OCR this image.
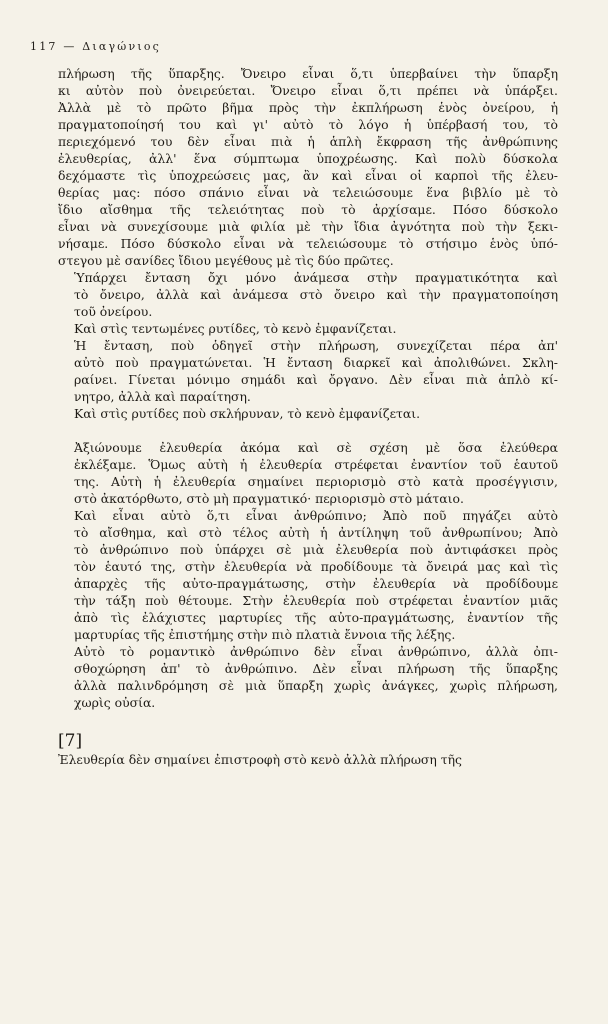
117 — Διαγώνιος

πλήρωση τῆς ὕπαρξης. Ὄνειρο εἶναι ὅ,τι ὑπερβαίνει τὴν ὕπαρξη
κι αὐτὸν ποὺ ὀνειρεύεται. Ὄνειρο εἶναι ὅ,τι πρέπει νὰ ὑπάρξει.
Ἀλλὰ μὲ τὸ πρῶτο βῆμα πρὸς τὴν ἐκπλήρωση ἑνὸς ὀνείρου, ἡ
πραγματοποίησή του καὶ γι' αὐτὸ τὸ λόγο ἡ ὑπέρβασή του, τὸ
περιεχόμενό του δὲν εἶναι πιὰ ἡ ἁπλὴ ἔκφραση τῆς ἀνθρώπινης
ἐλευθερίας, ἀλλ' ἕνα σύμπτωμα ὑποχρέωσης. Καὶ πολὺ δύσκολα
δεχόμαστε τὶς ὑποχρεώσεις μας, ἂν καὶ εἶναι οἱ καρποὶ τῆς ἐλευ-
θερίας μας: πόσο σπάνιο εἶναι νὰ τελειώσουμε ἕνα βιβλίο μὲ τὸ
ἴδιο αἴσθημα τῆς τελειότητας ποὺ τὸ ἀρχίσαμε. Πόσο δύσκολο
εἶναι νὰ συνεχίσουμε μιὰ φιλία μὲ τὴν ἴδια ἀγνότητα ποὺ τὴν ξεκι-
νήσαμε. Πόσο δύσκολο εἶναι νὰ τελειώσουμε τὸ στήσιμο ἑνὸς ὑπό-
στεγου μὲ σανίδες ἴδιου μεγέθους μὲ τὶς δύο πρῶτες.

Ὑπάρχει ἔνταση ὄχι μόνο ἀνάμεσα στὴν πραγματικότητα καὶ
τὸ ὄνειρο, ἀλλὰ καὶ ἀνάμεσα στὸ ὄνειρο καὶ τὴν πραγματοποίηση
τοῦ ὀνείρου.

Καὶ στὶς τεντωμένες ρυτίδες, τὸ κενὸ ἐμφανίζεται.

Ἡ ἔνταση, ποὺ ὁδηγεῖ στὴν πλήρωση, συνεχίζεται πέρα ἀπ'
αὐτὸ ποὺ πραγματώνεται. Ἡ ἔνταση διαρκεῖ καὶ ἀπολιθώνει. Σκλη-
ραίνει. Γίνεται μόνιμο σημάδι καὶ ὄργανο. Δὲν εἶναι πιὰ ἁπλὸ κί-
νητρο, ἀλλὰ καὶ παραίτηση.

Καὶ στὶς ρυτίδες ποὺ σκλήρυναν, τὸ κενὸ ἐμφανίζεται.

Ἀξιώνουμε ἐλευθερία ἀκόμα καὶ σὲ σχέση μὲ ὅσα ἐλεύθερα
ἐκλέξαμε. Ὅμως αὐτὴ ἡ ἐλευθερία στρέφεται ἐναντίον τοῦ ἑαυτοῦ
της. Αὐτὴ ἡ ἐλευθερία σημαίνει περιορισμὸ στὸ κατὰ προσέγγισιν,
στὸ ἀκατόρθωτο, στὸ μὴ πραγματικό· περιορισμὸ στὸ μάταιο.

Καὶ εἶναι αὐτὸ ὅ,τι εἶναι ἀνθρώπινο; Ἀπὸ ποῦ πηγάζει αὐτὸ
τὸ αἴσθημα, καὶ στὸ τέλος αὐτὴ ἡ ἀντίληψη τοῦ ἀνθρωπίνου; Ἀπὸ
τὸ ἀνθρώπινο ποὺ ὑπάρχει σὲ μιὰ ἐλευθερία ποὺ ἀντιφάσκει πρὸς
τὸν ἑαυτό της, στὴν ἐλευθερία νὰ προδίδουμε τὰ ὄνειρά μας καὶ τὶς
ἀπαρχὲς τῆς αὐτο-πραγμάτωσης, στὴν ἐλευθερία νὰ προδίδουμε
τὴν τάξη ποὺ θέτουμε. Στὴν ἐλευθερία ποὺ στρέφεται ἐναντίον μιᾶς
ἀπὸ τὶς ἐλάχιστες μαρτυρίες τῆς αὐτο-πραγμάτωσης, ἐναντίον τῆς
μαρτυρίας τῆς ἐπιστήμης στὴν πιὸ πλατιὰ ἔννοια τῆς λέξης.

Αὐτὸ τὸ ρομαντικὸ ἀνθρώπινο δὲν εἶναι ἀνθρώπινο, ἀλλὰ ὀπι-
σθοχώρηση ἀπ' τὸ ἀνθρώπινο. Δὲν εἶναι πλήρωση τῆς ὕπαρξης
ἀλλὰ παλινδρόμηση σὲ μιὰ ὕπαρξη χωρὶς ἀνάγκες, χωρὶς πλήρωση,
χωρὶς οὐσία.

[7]

Ἐλευθερία δὲν σημαίνει ἐπιστροφὴ στὸ κενὸ ἀλλὰ πλήρωση τῆς
